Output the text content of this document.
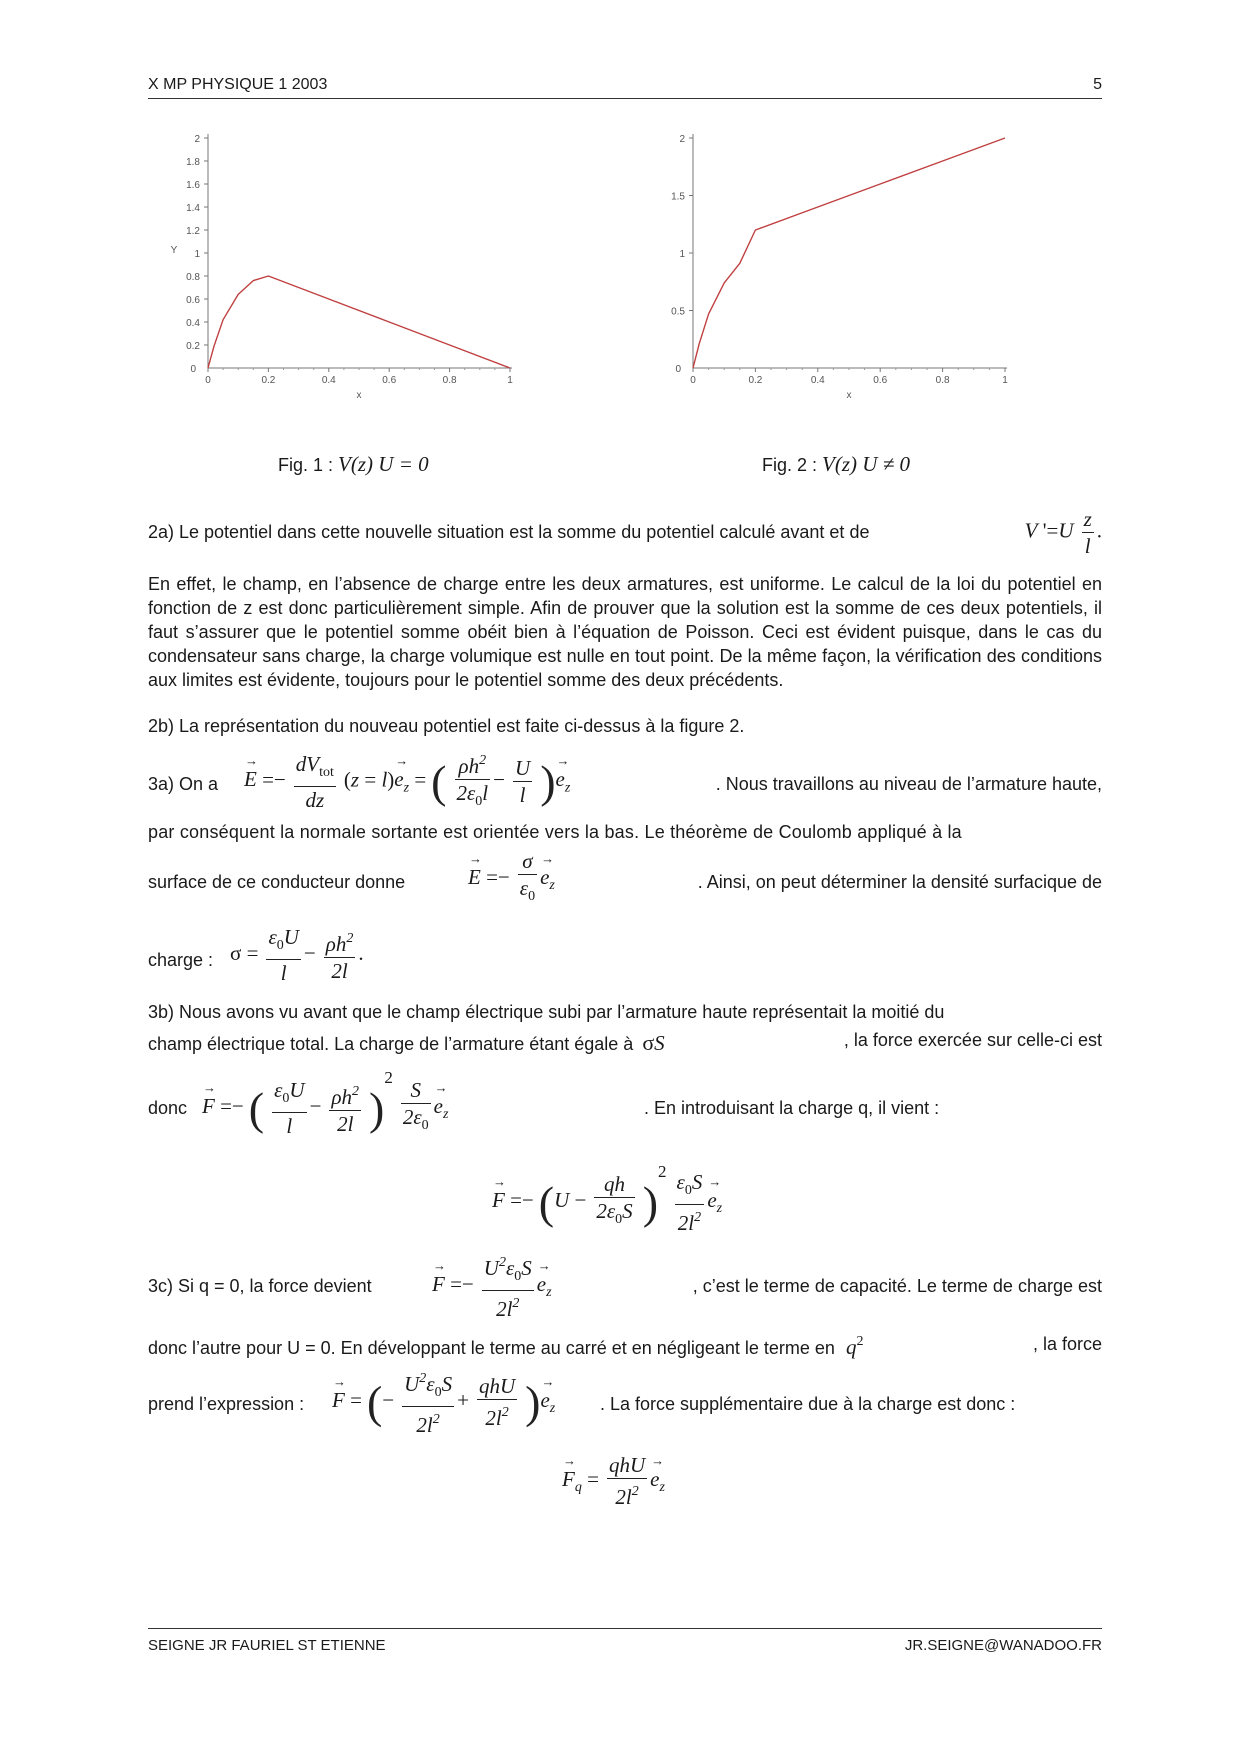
X MP PHYSIQUE 1 2003	5
0	0.2	0.4	0.6	0.8	1
0.2
0.4
0.6
0.8
1
1.2
1.4
1.6
1.8
2
0
x
Y
Fig. 1 : V(z) U = 0
0	0.2	0.4	0.6	0.8	1
0.5
1
1.5
2
0
x
Fig. 2 : V(z) U ≠ 0
2a) Le potentiel dans cette nouvelle situation est la somme du potentiel calculé avant et de	V '$=U \frac{z}{l}$ .
En effet, le champ, en l’absence de charge entre les deux armatures, est uniforme. Le calcul de la loi du potentiel en fonction de z est donc particulièrement simple. Afin de prouver que la solution est la somme de ces deux potentiels, il faut s’assurer que le potentiel somme obéit bien à l’équation de Poisson. Ceci est évident puisque, dans le cas du condensateur sans charge, la charge volumique est nulle en tout point. De la même façon, la vérification des conditions aux limites est évidente, toujours pour le potentiel somme des deux précédents.
2b) La représentation du nouveau potentiel est faite ci-dessus à la figure 2.
3a) On a
→ $E =- \frac{dV_{tot}}{dz} (z = l)\to e_z$ = ( $\frac{\rho h^2}{2\varepsilon_0l} - \frac{U}{l}$ )→ $e_z$	. Nous travaillons au niveau de l’armature haute,
par conséquent la normale sortante est orientée vers la bas. Le théorème de Coulomb appliqué à la
surface de ce conducteur donne
→	$E =- \frac{\sigma}{\varepsilon_0}$
→ $e_z$	. Ainsi, on peut déterminer la densité surfacique de
charge : $\sigma = \frac{\varepsilon_0U}{l} - \frac{\rho h^2}{2l}$ .
3b) Nous avons vu avant que le champ électrique subi par l’armature haute représentait la moitié du
champ électrique total. La charge de l’armature étant égale à σS	, la force exercée sur celle-ci est
donc
→ F =− ( $\frac{\varepsilon_0U}{l} - \frac{\rho h^2}{2l} )2 \frac{S}{2\varepsilon_0}$
→ $e_z$	. En introduisant la charge q, il vient :
→ $F =- (U - \frac{qh}{2\varepsilon_0S} )2 \frac{\varepsilon_0S}{2l^2}$
→ $e_z$
3c) Si q = 0, la force devient
→	$F =- \frac{U^2\varepsilon_0S}{2l^2}$
→ $e_z$	, c’est le terme de capacité. Le terme de charge est
donc l’autre pour U = 0. En développant le terme au carré et en négligeant le terme en $q^2$	, la force
prend l’expression :
→ F = (− $\frac{U^2\varepsilon_0S}{2l^2} + \frac{\text{qhU}}{2l^2}$ )→ $e_z$ . La force supplémentaire due à la charge est donc :
→ $F_q = \frac{\text{qhU}}{2l^2}$
→ $e_z$
SEIGNE JR FAURIEL ST ETIENNE	JR.SEIGNE@WANADOO.FR
